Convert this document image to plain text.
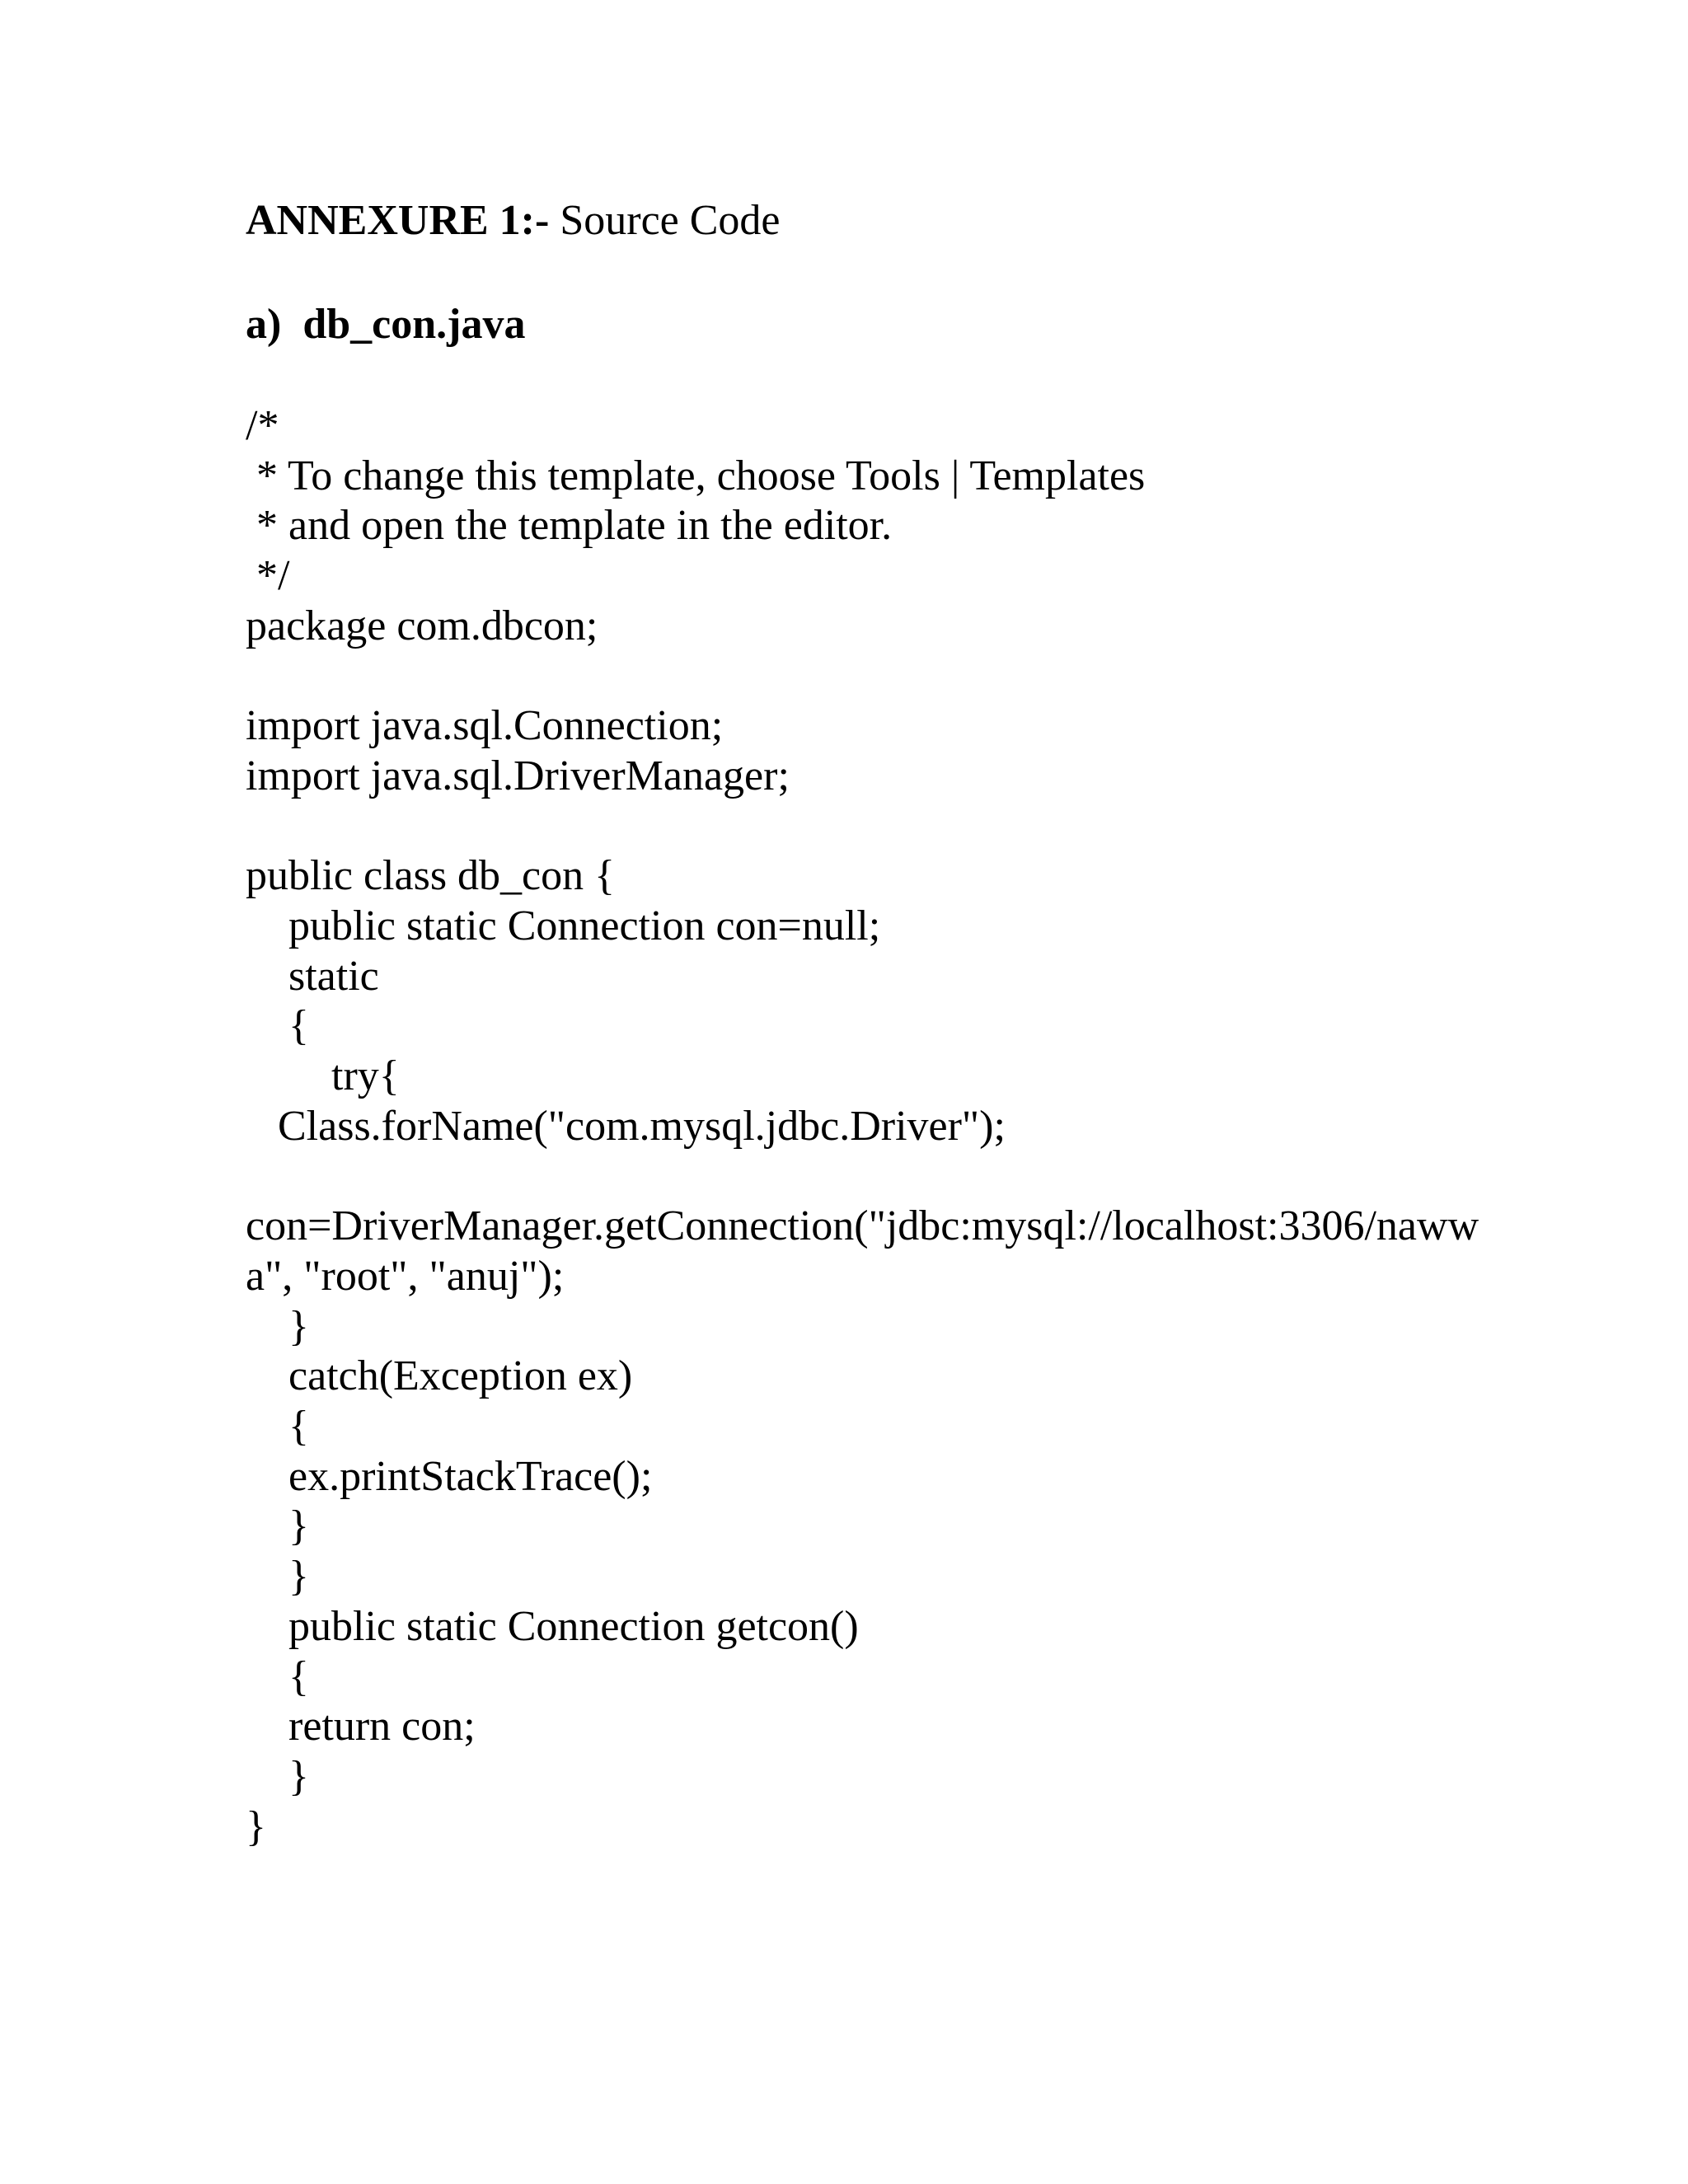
ANNEXURE 1:- Source Code
a)  db_con.java
/*
* To change this template, choose Tools | Templates
* and open the template in the editor.
*/
package com.dbcon;
import java.sql.Connection;
import java.sql.DriverManager;
public class db_con {
public static Connection con=null;
static
{
try{
Class.forName("com.mysql.jdbc.Driver");
con=DriverManager.getConnection("jdbc:mysql://localhost:3306/naww
a", "root", "anuj");
}
catch(Exception ex)
{
ex.printStackTrace();
}
}
public static Connection getcon()
{
return con;
}
}
